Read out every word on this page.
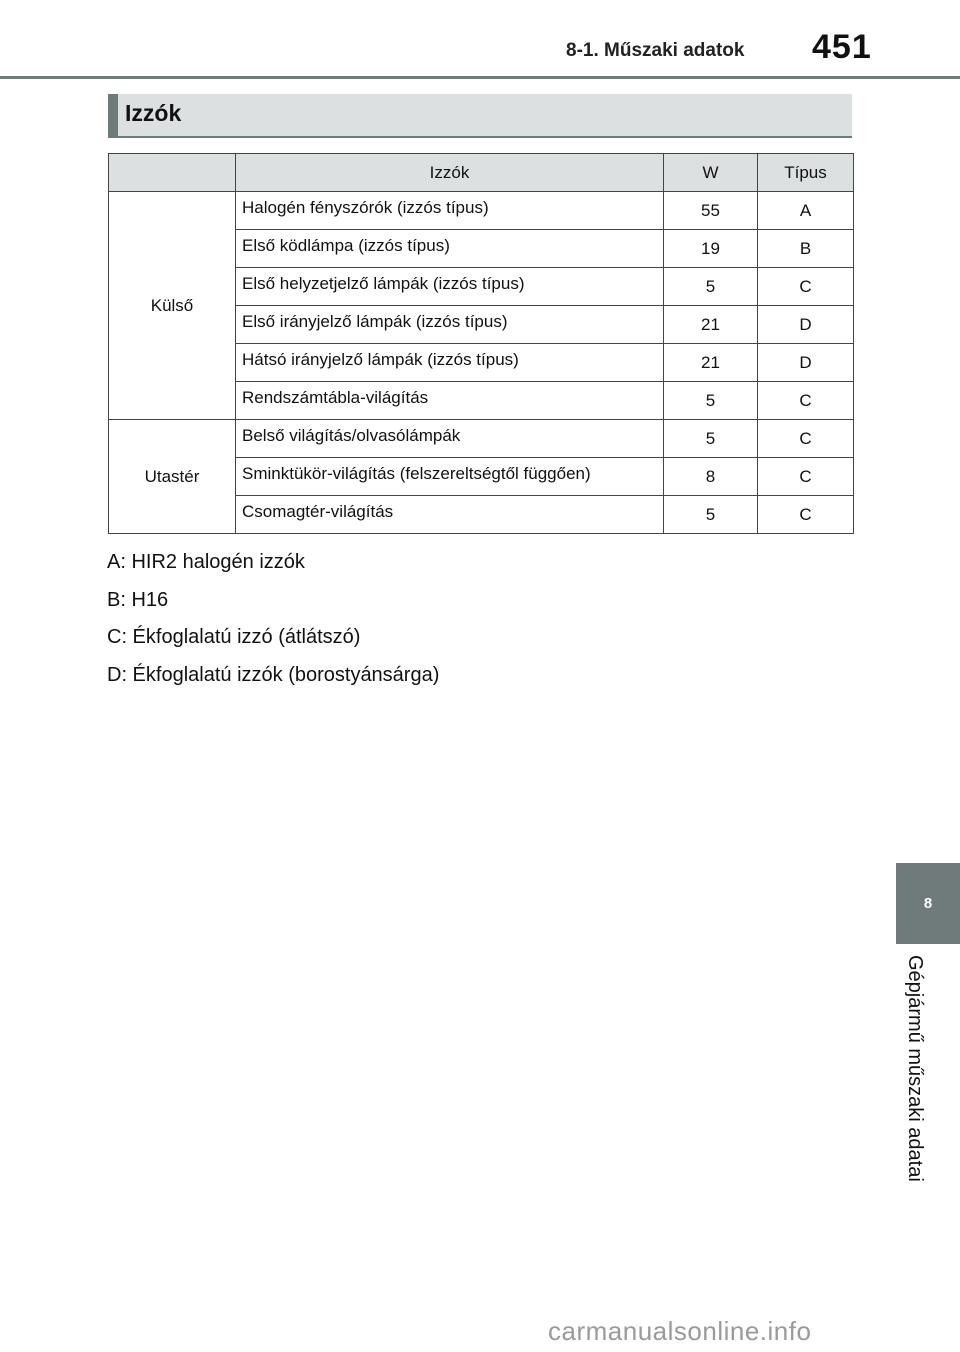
8-1. Műszaki adatok 451
Izzók
	Izzók	W	Típus
Külső	Halogén fényszórók (izzós típus)	55	A
	Első ködlámpa (izzós típus)	19	B
	Első helyzetjelző lámpák (izzós típus)	5	C
	Első irányjelző lámpák (izzós típus)	21	D
	Hátsó irányjelző lámpák (izzós típus)	21	D
	Rendszámtábla-világítás	5	C
Utastér	Belső világítás/olvasólámpák	5	C
	Sminktükör-világítás (felszereltségtől függően)	8	C
	Csomagtér-világítás	5	C
A: HIR2 halogén izzók
B: H16
C: Ékfoglalatú izzó (átlátszó)
D: Ékfoglalatú izzók (borostyánsárga)
8
Gépjármű műszaki adatai
carmanualsonline.info
